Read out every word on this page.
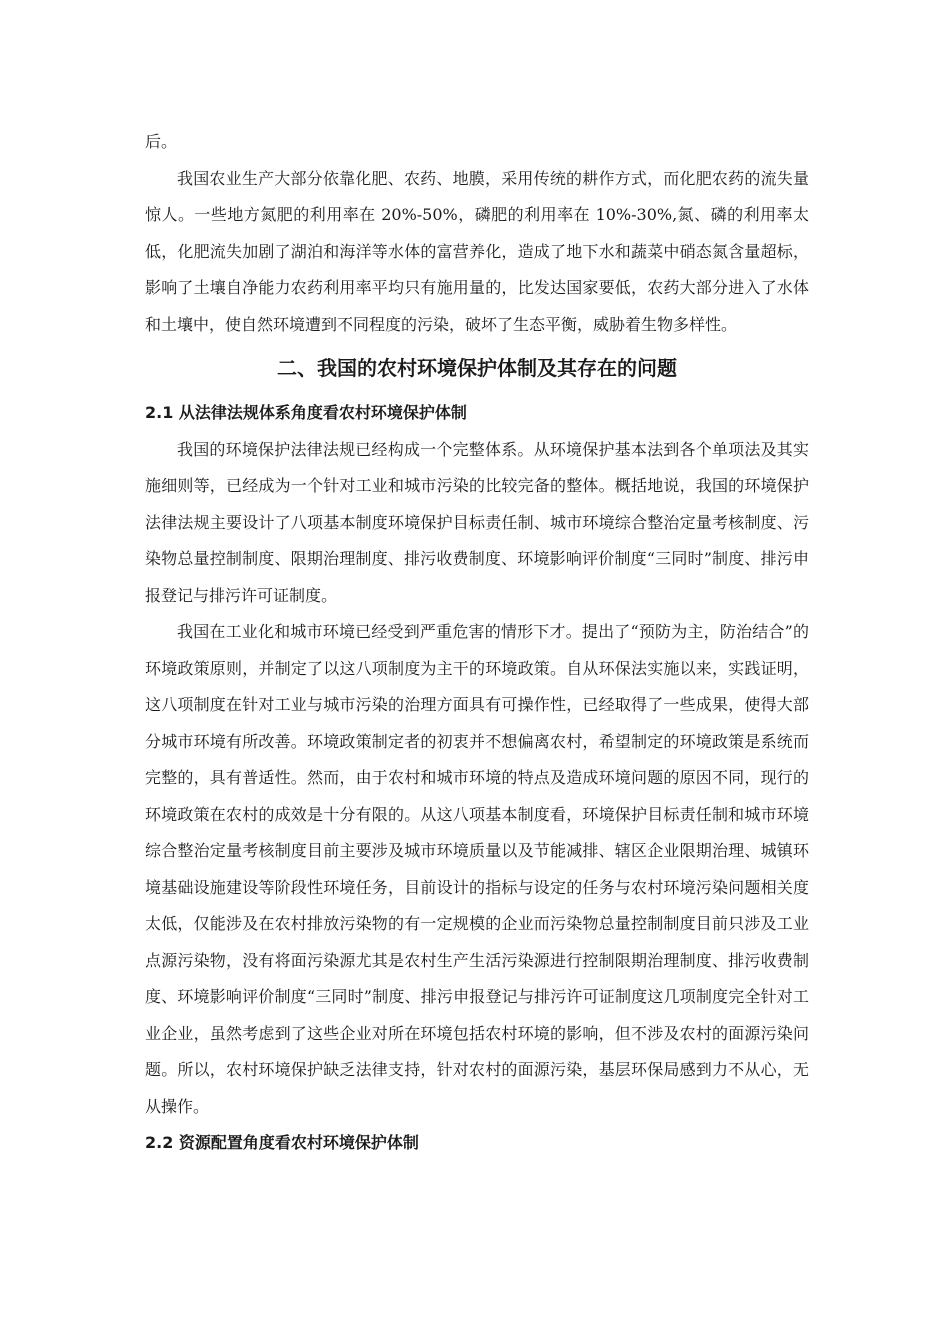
后。

我国农业生产大部分依靠化肥、农药、地膜，采用传统的耕作方式，而化肥农药的流失量惊人。一些地方氮肥的利用率在 20%-50%，磷肥的利用率在 10%-30%,氮、磷的利用率太低，化肥流失加剧了湖泊和海洋等水体的富营养化，造成了地下水和蔬菜中硝态氮含量超标，影响了土壤自净能力农药利用率平均只有施用量的，比发达国家要低，农药大部分进入了水体和土壤中，使自然环境遭到不同程度的污染，破坏了生态平衡，威胁着生物多样性。

二、我国的农村环境保护体制及其存在的问题
2.1 从法律法规体系角度看农村环境保护体制

我国的环境保护法律法规已经构成一个完整体系。从环境保护基本法到各个单项法及其实施细则等，已经成为一个针对工业和城市污染的比较完备的整体。概括地说，我国的环境保护法律法规主要设计了八项基本制度环境保护目标责任制、城市环境综合整治定量考核制度、污染物总量控制制度、限期治理制度、排污收费制度、环境影响评价制度“三同时”制度、排污申报登记与排污许可证制度。

我国在工业化和城市环境已经受到严重危害的情形下才。提出了“预防为主，防治结合”的环境政策原则，并制定了以这八项制度为主干的环境政策。自从环保法实施以来，实践证明，这八项制度在针对工业与城市污染的治理方面具有可操作性，已经取得了一些成果，使得大部分城市环境有所改善。环境政策制定者的初衷并不想偏离农村，希望制定的环境政策是系统而完整的，具有普适性。然而，由于农村和城市环境的特点及造成环境问题的原因不同，现行的环境政策在农村的成效是十分有限的。从这八项基本制度看，环境保护目标责任制和城市环境综合整治定量考核制度目前主要涉及城市环境质量以及节能减排、辖区企业限期治理、城镇环境基础设施建设等阶段性环境任务，目前设计的指标与设定的任务与农村环境污染问题相关度太低，仅能涉及在农村排放污染物的有一定规模的企业而污染物总量控制制度目前只涉及工业点源污染物，没有将面污染源尤其是农村生产生活污染源进行控制限期治理制度、排污收费制度、环境影响评价制度“三同时”制度、排污申报登记与排污许可证制度这几项制度完全针对工业企业，虽然考虑到了这些企业对所在环境包括农村环境的影响，但不涉及农村的面源污染问题。所以，农村环境保护缺乏法律支持，针对农村的面源污染，基层环保局感到力不从心，无从操作。

2.2 资源配置角度看农村环境保护体制
